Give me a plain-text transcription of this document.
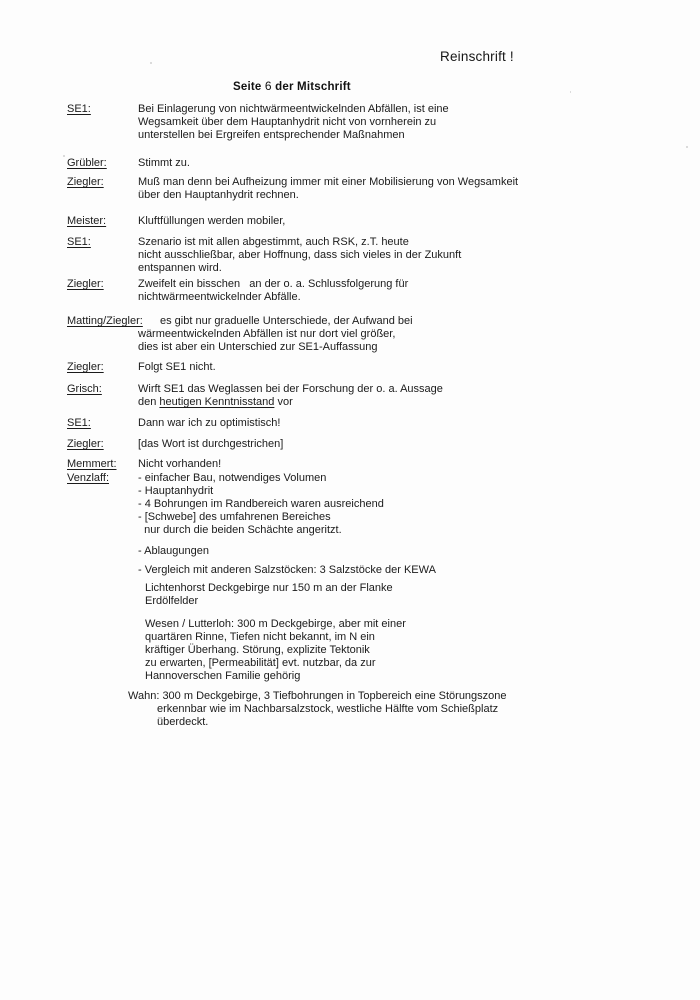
Reinschrift !
Seite 6 der Mitschrift
SE1:	Bei Einlagerung von nichtwärmeentwickelnden Abfällen, ist eine
Wegsamkeit über dem Hauptanhydrit nicht von vornherein zu
unterstellen bei Ergreifen entsprechender Maßnahmen
Grübler:	Stimmt zu.
Ziegler:	Muß man denn bei Aufheizung immer mit einer Mobilisierung von Wegsamkeit
über den Hauptanhydrit rechnen.
Meister:	Kluftfüllungen werden mobiler,
SE1:	Szenario ist mit allen abgestimmt, auch RSK, z.T. heute
nicht ausschließbar, aber Hoffnung, dass sich vieles in der Zukunft
entspannen wird.
Ziegler:	Zweifelt ein bisschen   an der o. a. Schlussfolgerung für
nichtwärmeentwickelnder Abfälle.
Matting/Ziegler:	es gibt nur graduelle Unterschiede, der Aufwand bei
wärmeentwickelnden Abfällen ist nur dort viel größer,
dies ist aber ein Unterschied zur SE1-Auffassung
Ziegler:	Folgt SE1 nicht.
Grisch:	Wirft SE1 das Weglassen bei der Forschung der o. a. Aussage
den heutigen Kenntnisstand vor
SE1:	Dann war ich zu optimistisch!
Ziegler:	[das Wort ist durchgestrichen]
Memmert: Nicht vorhanden!
Venzlaff:	- einfacher Bau, notwendiges Volumen
- Hauptanhydrit
- 4 Bohrungen im Randbereich waren ausreichend
- [Schwebe] des umfahrenen Bereiches
nur durch die beiden Schächte angeritzt.
- Ablaugungen
- Vergleich mit anderen Salzstöcken: 3 Salzstöcke der KEWA
Lichtenhorst Deckgebirge nur 150 m an der Flanke
Erdölfelder
Wesen / Lutterloh: 300 m Deckgebirge, aber mit einer
quartären Rinne, Tiefen nicht bekannt, im N ein
kräftiger Überhang. Störung, explizite Tektonik
zu erwarten, [Permeabilität] evt. nutzbar, da zur
Hannoverschen Familie gehörig
Wahn: 300 m Deckgebirge, 3 Tiefbohrungen in Topbereich eine Störungszone
erkennbar wie im Nachbarsalzstock, westliche Hälfte vom Schießplatz
überdeckt.
